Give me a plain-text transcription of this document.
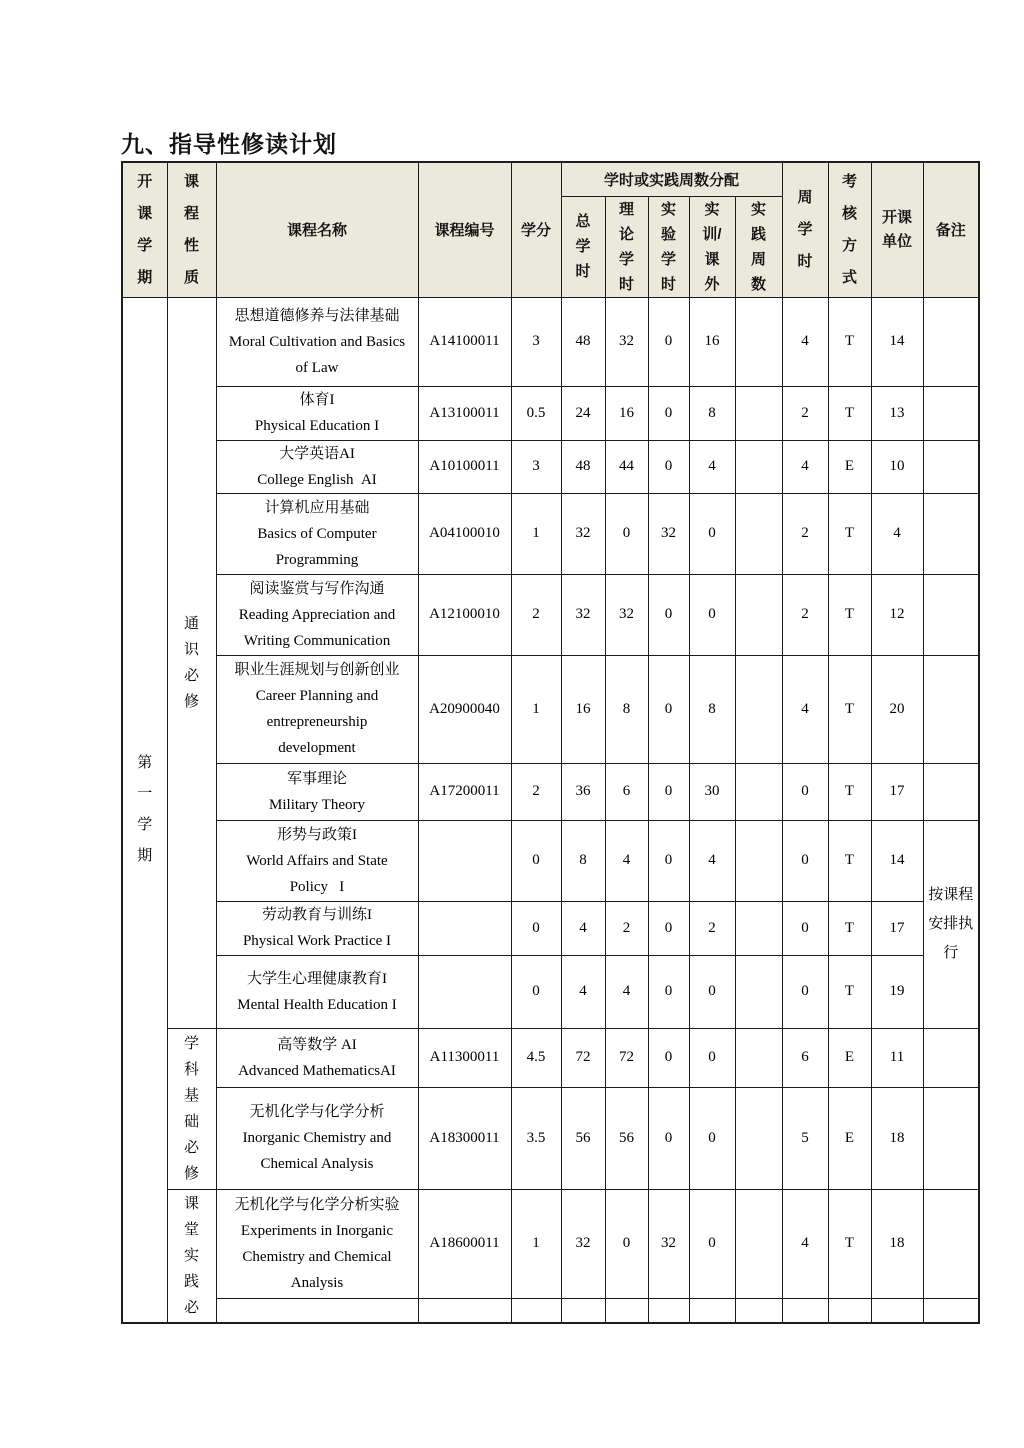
九、指导性修读计划
开
课
学
期	课
程
性
质	课程名称	课程编号	学分	学时或实践周数分配					周
学
时	考
核
方
式	开课
单位	备注
					总
学
时	理
论
学
时	实
验
学
时	实
训/
课
外	实
践
周
数				
第
一
学
期	通
识
必
修	思想道德修养与法律基础
Moral Cultivation and Basics
of Law	A14100011	3	48	32	0	16		4	T	14	
		体育I
Physical Education I	A13100011	0.5	24	16	0	8		2	T	13	
		大学英语AI
College English  AI	A10100011	3	48	44	0	4		4	E	10	
		计算机应用基础
Basics of Computer
Programming	A04100010	1	32	0	32	0		2	T	4	
		阅读鉴赏与写作沟通
Reading Appreciation and
Writing Communication	A12100010	2	32	32	0	0		2	T	12	
		职业生涯规划与创新创业
Career Planning and
entrepreneurship
development	A20900040	1	16	8	0	8		4	T	20	
		军事理论
Military Theory	A17200011	2	36	6	0	30		0	T	17	
		形势与政策I
World Affairs and State
Policy   I		0	8	4	0	4		0	T	14	按课程安排执行
		劳动教育与训练I
Physical Work Practice I		0	4	2	0	2		0	T	17	
		大学生心理健康教育I
Mental Health Education I		0	4	4	0	0		0	T	19	
学
科
基
础
必
修	高等数学 AI
Advanced MathematicsAI	A11300011	4.5	72	72	0	0		6	E	11	
		无机化学与化学分析
Inorganic Chemistry and
Chemical Analysis	A18300011	3.5	56	56	0	0		5	E	18	
	课
堂
实
践
必	无机化学与化学分析实验
Experiments in Inorganic
Chemistry and Chemical
Analysis	A18600011	1	32	0	32	0		4	T	18	
